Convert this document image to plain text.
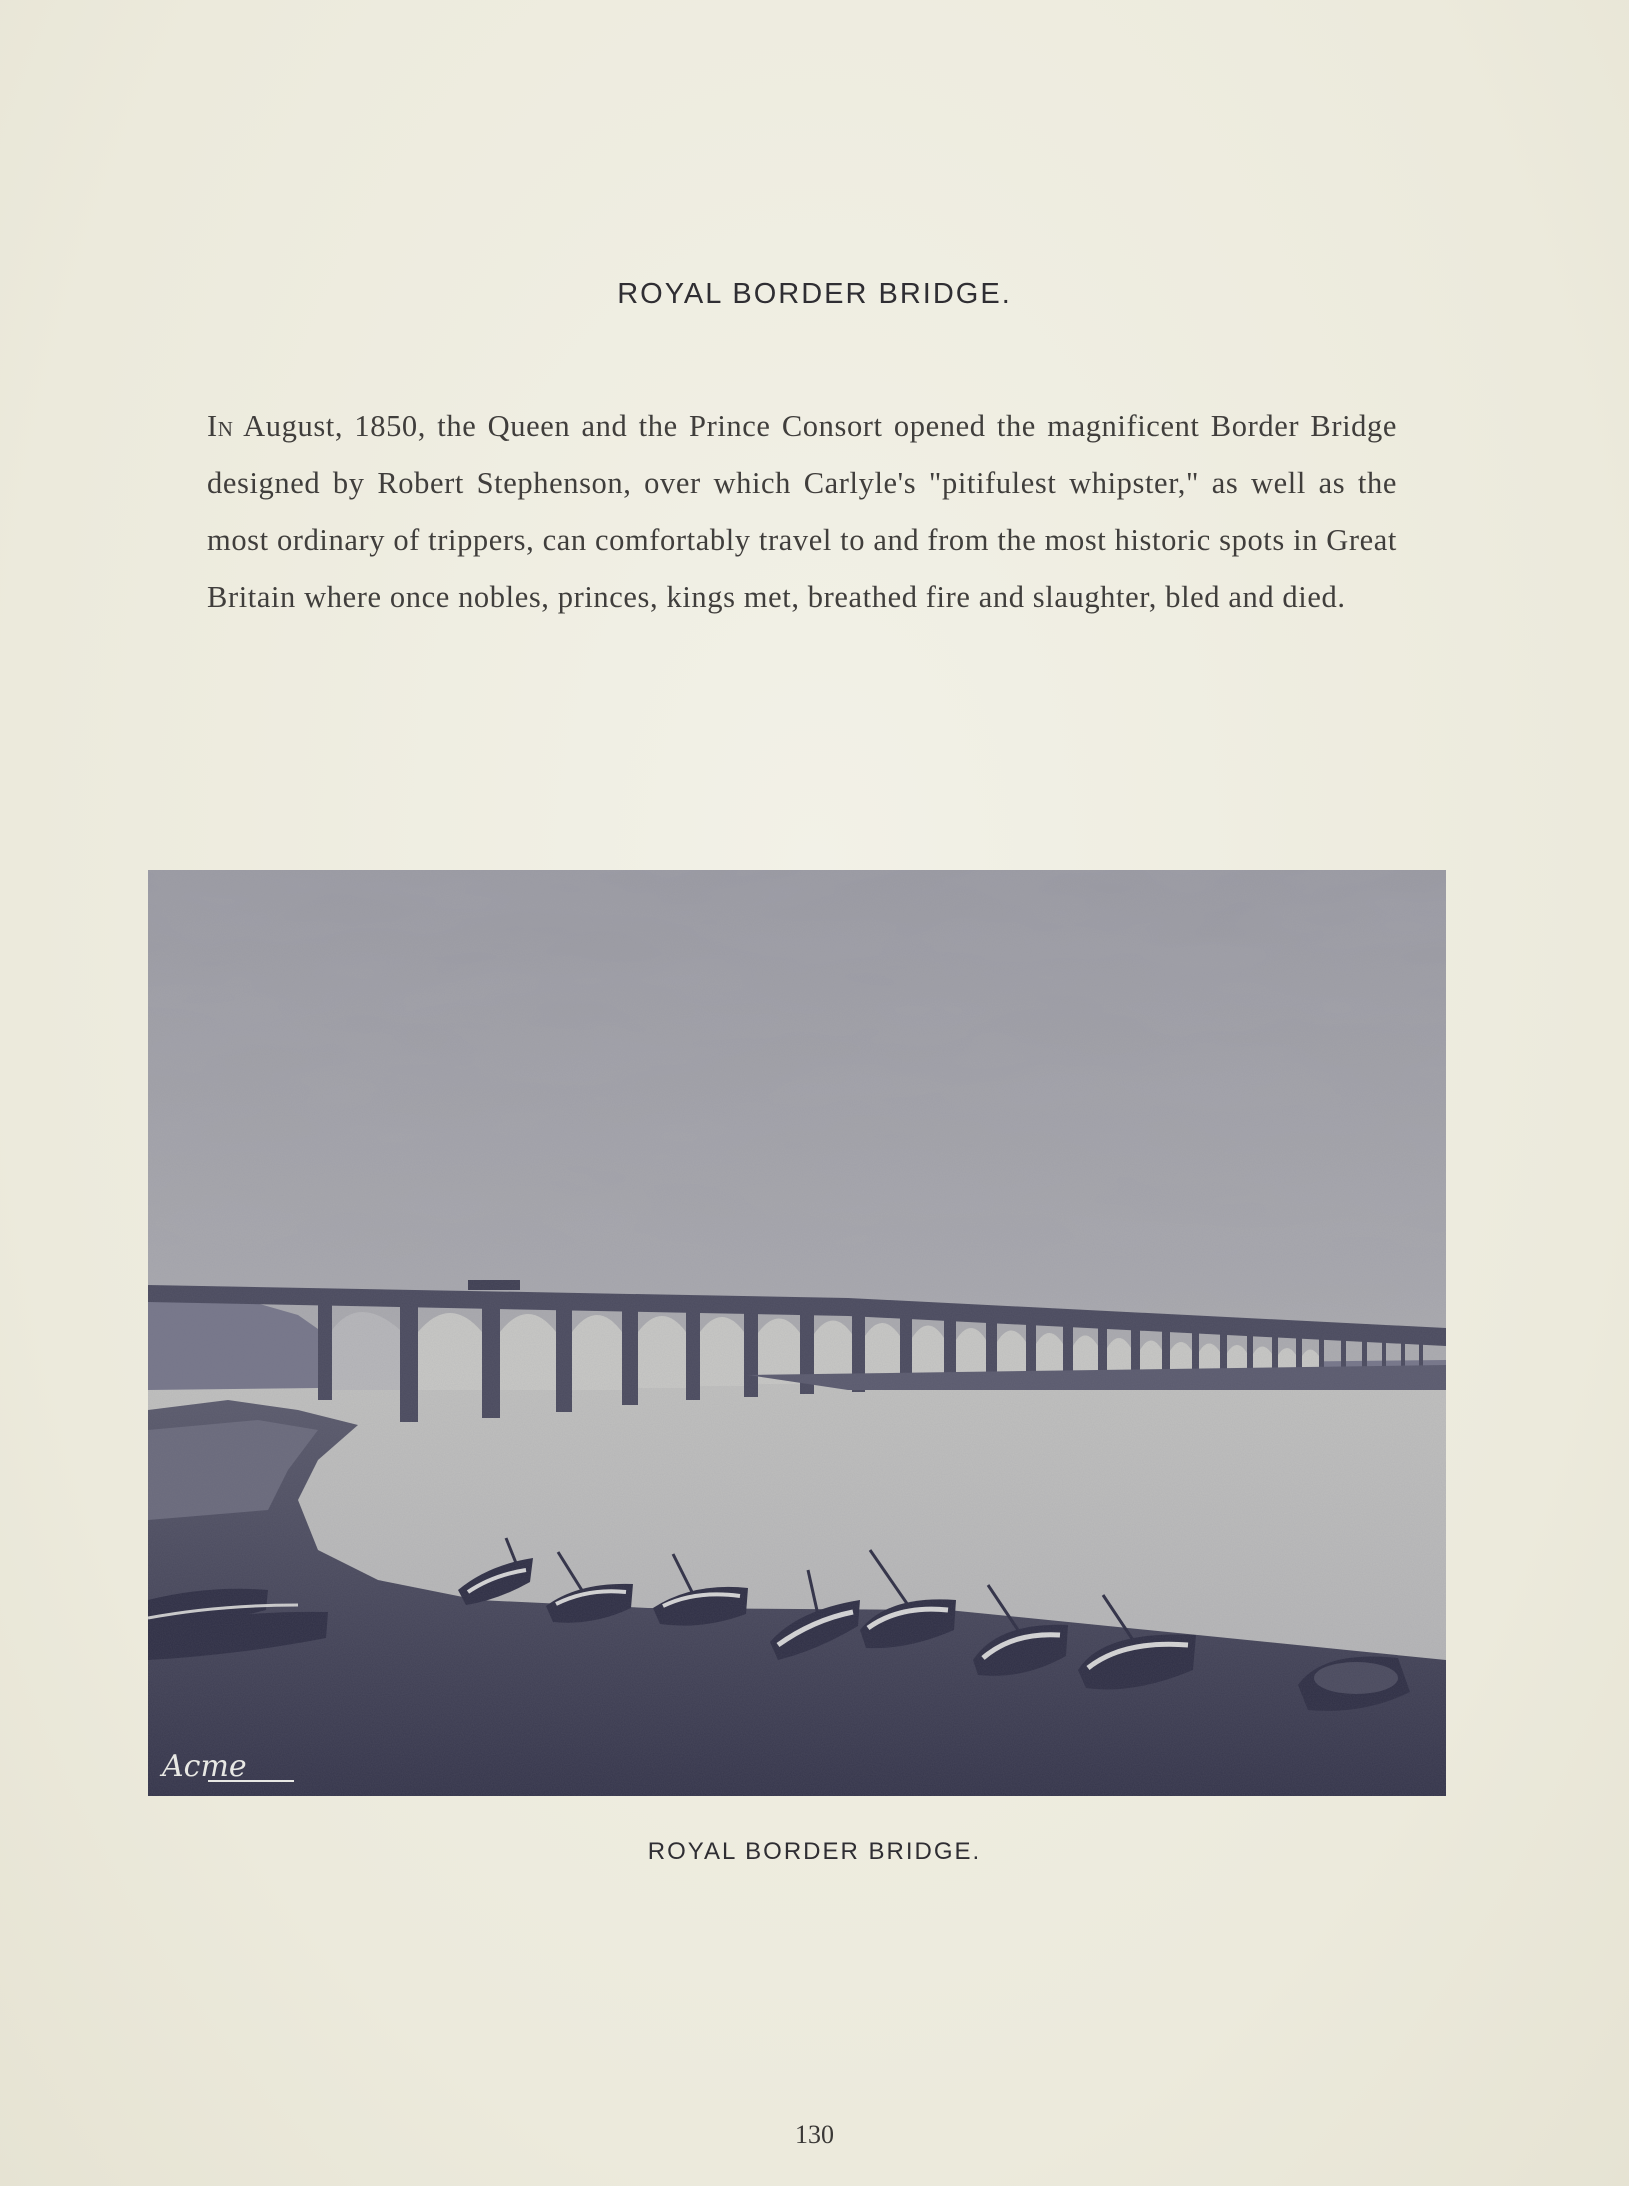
ROYAL BORDER BRIDGE.

In August, 1850, the Queen and the Prince Consort opened the magnificent Border Bridge designed by Robert Stephenson, over which Carlyle's "pitifulest whipster," as well as the most ordinary of trippers, can comfortably travel to and from the most historic spots in Great Britain where once nobles, princes, kings met, breathed fire and slaughter, bled and died.

Acme
ROYAL BORDER BRIDGE.
130
